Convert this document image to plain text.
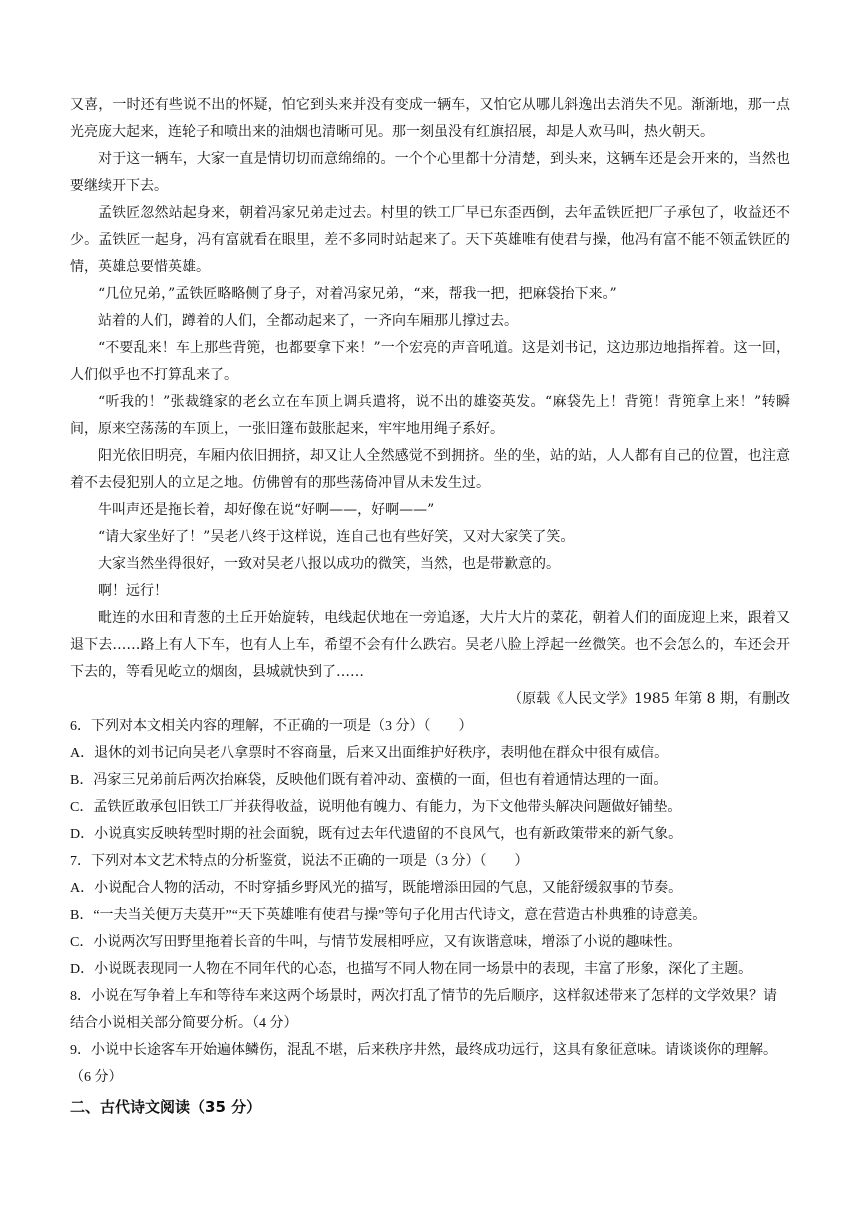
又喜，一时还有些说不出的怀疑，怕它到头来并没有变成一辆车，又怕它从哪儿斜逸出去消失不见。渐渐地，那一点光亮庞大起来，连轮子和喷出来的油烟也清晰可见。那一刻虽没有红旗招展，却是人欢马叫，热火朝天。

对于这一辆车，大家一直是情切切而意绵绵的。一个个心里都十分清楚，到头来，这辆车还是会开来的，当然也要继续开下去。

孟铁匠忽然站起身来，朝着冯家兄弟走过去。村里的铁工厂早已东歪西倒，去年孟铁匠把厂子承包了，收益还不少。孟铁匠一起身，冯有富就看在眼里，差不多同时站起来了。天下英雄唯有使君与操，他冯有富不能不领孟铁匠的情，英雄总要惜英雄。

“几位兄弟，”孟铁匠略略侧了身子，对着冯家兄弟，“来，帮我一把，把麻袋抬下来。”

站着的人们，蹲着的人们，全都动起来了，一齐向车厢那儿撑过去。

“不要乱来！车上那些背篼，也都要拿下来！”一个宏亮的声音吼道。这是刘书记，这边那边地指挥着。这一回，人们似乎也不打算乱来了。

“听我的！”张裁缝家的老幺立在车顶上调兵遣将，说不出的雄姿英发。“麻袋先上！背篼！背篼拿上来！”转瞬间，原来空荡荡的车顶上，一张旧篷布鼓胀起来，牢牢地用绳子系好。

阳光依旧明亮，车厢内依旧拥挤，却又让人全然感觉不到拥挤。坐的坐，站的站，人人都有自己的位置，也注意着不去侵犯别人的立足之地。仿佛曾有的那些荡倚冲冒从未发生过。

牛叫声还是拖长着，却好像在说“好啊——，好啊——”

“请大家坐好了！”吴老八终于这样说，连自己也有些好笑，又对大家笑了笑。

大家当然坐得很好，一致对吴老八报以成功的微笑，当然，也是带歉意的。

啊！远行！

毗连的水田和青葱的土丘开始旋转，电线起伏地在一旁追逐，大片大片的菜花，朝着人们的面庞迎上来，跟着又退下去……路上有人下车，也有人上车，希望不会有什么跌宕。吴老八脸上浮起一丝微笑。也不会怎么的，车还会开下去的，等看见屹立的烟囱，县城就快到了……

（原载《人民文学》1985 年第 8 期，有删改

6．下列对本文相关内容的理解，不正确的一项是（3 分）（　　）

A．退休的刘书记向吴老八拿票时不容商量，后来又出面维护好秩序，表明他在群众中很有威信。

B．冯家三兄弟前后两次抬麻袋，反映他们既有着冲动、蛮横的一面，但也有着通情达理的一面。

C．孟铁匠敢承包旧铁工厂并获得收益，说明他有魄力、有能力，为下文他带头解决问题做好铺垫。

D．小说真实反映转型时期的社会面貌，既有过去年代遗留的不良风气，也有新政策带来的新气象。

7．下列对本文艺术特点的分析鉴赏，说法不正确的一项是（3 分）（　　）

A．小说配合人物的活动，不时穿插乡野风光的描写，既能增添田园的气息，又能舒缓叙事的节奏。

B．“一夫当关便万夫莫开”“天下英雄唯有使君与操”等句子化用古代诗文，意在营造古朴典雅的诗意美。

C．小说两次写田野里拖着长音的牛叫，与情节发展相呼应，又有诙谐意味，增添了小说的趣味性。

D．小说既表现同一人物在不同年代的心态，也描写不同人物在同一场景中的表现，丰富了形象，深化了主题。

8．小说在写争着上车和等待车来这两个场景时，两次打乱了情节的先后顺序，这样叙述带来了怎样的文学效果？请结合小说相关部分简要分析。（4 分）

9．小说中长途客车开始遍体鳞伤，混乱不堪，后来秩序井然，最终成功远行，这具有象征意味。请谈谈你的理解。（6 分）

二、古代诗文阅读（35 分）
